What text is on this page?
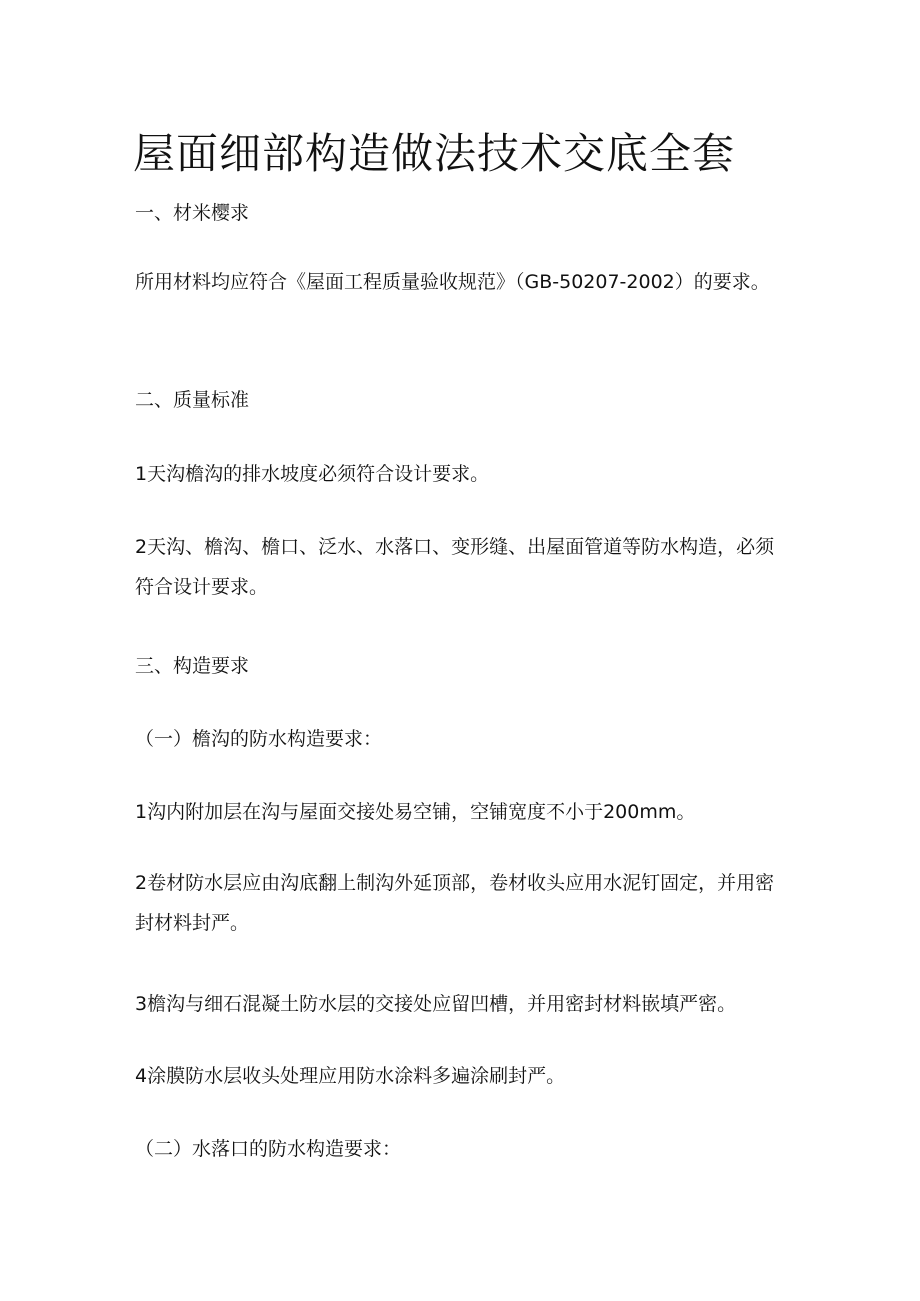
屋面细部构造做法技术交底全套

一、材米樱求

所用材料均应符合《屋面工程质量验收规范》（GB-50207-2002）的要求。

二、质量标准

1天沟檐沟的排水坡度必须符合设计要求。

2天沟、檐沟、檐口、泛水、水落口、变形缝、出屋面管道等防水构造，必须符合设计要求。

三、构造要求

（一）檐沟的防水构造要求：

1沟内附加层在沟与屋面交接处易空铺，空铺宽度不小于200mm。

2卷材防水层应由沟底翻上制沟外延顶部，卷材收头应用水泥钉固定，并用密封材料封严。

3檐沟与细石混凝土防水层的交接处应留凹槽，并用密封材料嵌填严密。

4涂膜防水层收头处理应用防水涂料多遍涂刷封严。

（二）水落口的防水构造要求：
